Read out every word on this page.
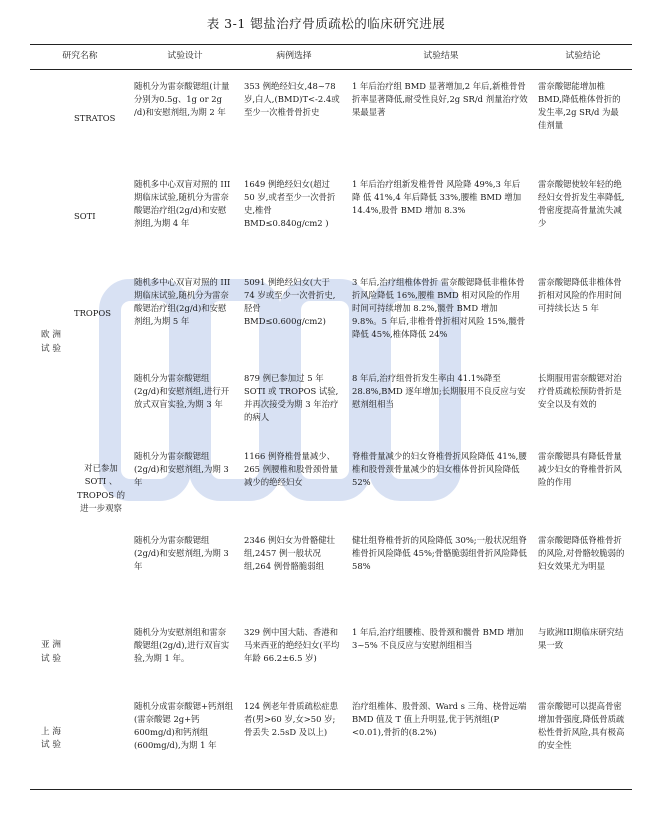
表 3-1 锶盐治疗骨质疏松的临床研究进展
研究名称		试验设计	病例选择	试验结果	试验结论
欧 洲
试 验	STRATOS	随机分为雷奈酸锶组(计量分别为0.5g、1g or 2g /d)和安慰剂组,为期 2 年	353 例绝经妇女,48~78岁,白人,(BMD)T<-2.4或至少一次椎骨骨折史	1 年后治疗组 BMD 显著增加,2 年后,新椎骨骨折率显著降低,耐受性良好,2g SR/d 剂量治疗效果最显著	雷奈酸锶能增加椎BMD,降低椎体骨折的发生率,2g SR/d 为最佳剂量

	SOTI	随机多中心双盲对照的 III期临床试验,随机分为雷奈酸锶治疗组(2g/d)和安慰剂组,为期 4 年	1649 例绝经妇女(超过 50 岁,或者至少一次骨折史,椎骨 BMD≤0.840g/cm2 )	1 年后治疗组新发椎骨骨 风险降 49%,3 年后降 低 41%,4 年后降低 33%,腰椎 BMD 增加 14.4%,股骨 BMD 增加 8.3%	雷奈酸锶使较年轻的绝经妇女骨折发生率降低,骨密度提高骨量流失减少

	TROPOS	随机多中心双盲对照的 III期临床试验,随机分为雷奈酸锶治疗组(2g/d)和安慰剂组,为期 5 年	5091 例绝经妇女(大于 74 岁或至少一次骨折史,胫骨 BMD≤0.600g/cm2)	3 年后,治疗组椎体骨折 雷奈酸锶降低非椎体骨折风险降低 16%,腰椎 BMD 相对风险的作用时间可持续增加 8.2%,髋骨 BMD 增加 9.8%。5 年后,非椎骨骨折相对风险 15%,髋骨降低 45%,椎体降低 24%	雷奈酸锶降低非椎体骨折相对风险的作用时间可持续长达 5 年

	对已参加 SOTI 、TROPOS 的进一步观察	随机分为雷奈酸锶组(2g/d)和安慰剂组,进行开放式双盲实验,为期 3 年	879 例已参加过 5 年 SOTI 或 TROPOS 试验,并再次接受为期 3 年治疗的病人	8 年后,治疗组骨折发生率由 41.1%降至 28.8%,BMD 逐年增加;长期服用不良反应与安慰剂组相当	长期服用雷奈酸锶对治疗骨质疏松预防骨折是安全以及有效的

		随机分为雷奈酸锶组(2g/d)和安慰剂组,为期 3 年	1166 例脊椎骨量减少、265 例腰椎和股骨颈骨量减少的绝经妇女	脊椎骨量减少的妇女脊椎骨折风险降低 41%,腰椎和股骨颈骨量减少的妇女椎体骨折风险降低 52%	雷奈酸锶具有降低骨量减少妇女的脊椎骨折风险的作用

		随机分为雷奈酸锶组(2g/d)和安慰剂组,为期 3 年	2346 例妇女为骨骼健壮组,2457 例一般状况组,264 例骨骼脆弱组	健壮组脊椎骨折的风险降低 30%;一般状况组脊椎骨折风险降低 45%;骨骼脆弱组骨折风险降低 58%	雷奈酸锶降低脊椎骨折的风险,对骨骼较脆弱的妇女效果尤为明显

亚 洲
试 验		随机分为安慰剂组和雷奈酸锶组(2g/d),进行双盲实验,为期 1 年。	329 例中国大陆、香港和马来西亚的绝经妇女(平均年龄 66.2±6.5 岁)	1 年后,治疗组腰椎、股骨颈和髋骨 BMD 增加 3~5% 不良反应与安慰剂组相当	与欧洲III期临床研究结果一致

上 海
试 验		随机分成雷奈酸锶+钙剂组(雷奈酸锶 2g+钙 600mg/d)和钙剂组(600mg/d),为期 1 年	124 例老年骨质疏松症患者(男>60 岁,女>50 岁;骨丢失 2.5sD 及以上)	治疗组椎体、股骨颈、Ward s 三角、桡骨远端 BMD 值及 T 值上升明显,优于钙剂组(P <0.01),骨折的(8.2%)	雷奈酸锶可以提高骨密增加骨强度,降低骨质疏松性骨折风险,具有极高的安全性
